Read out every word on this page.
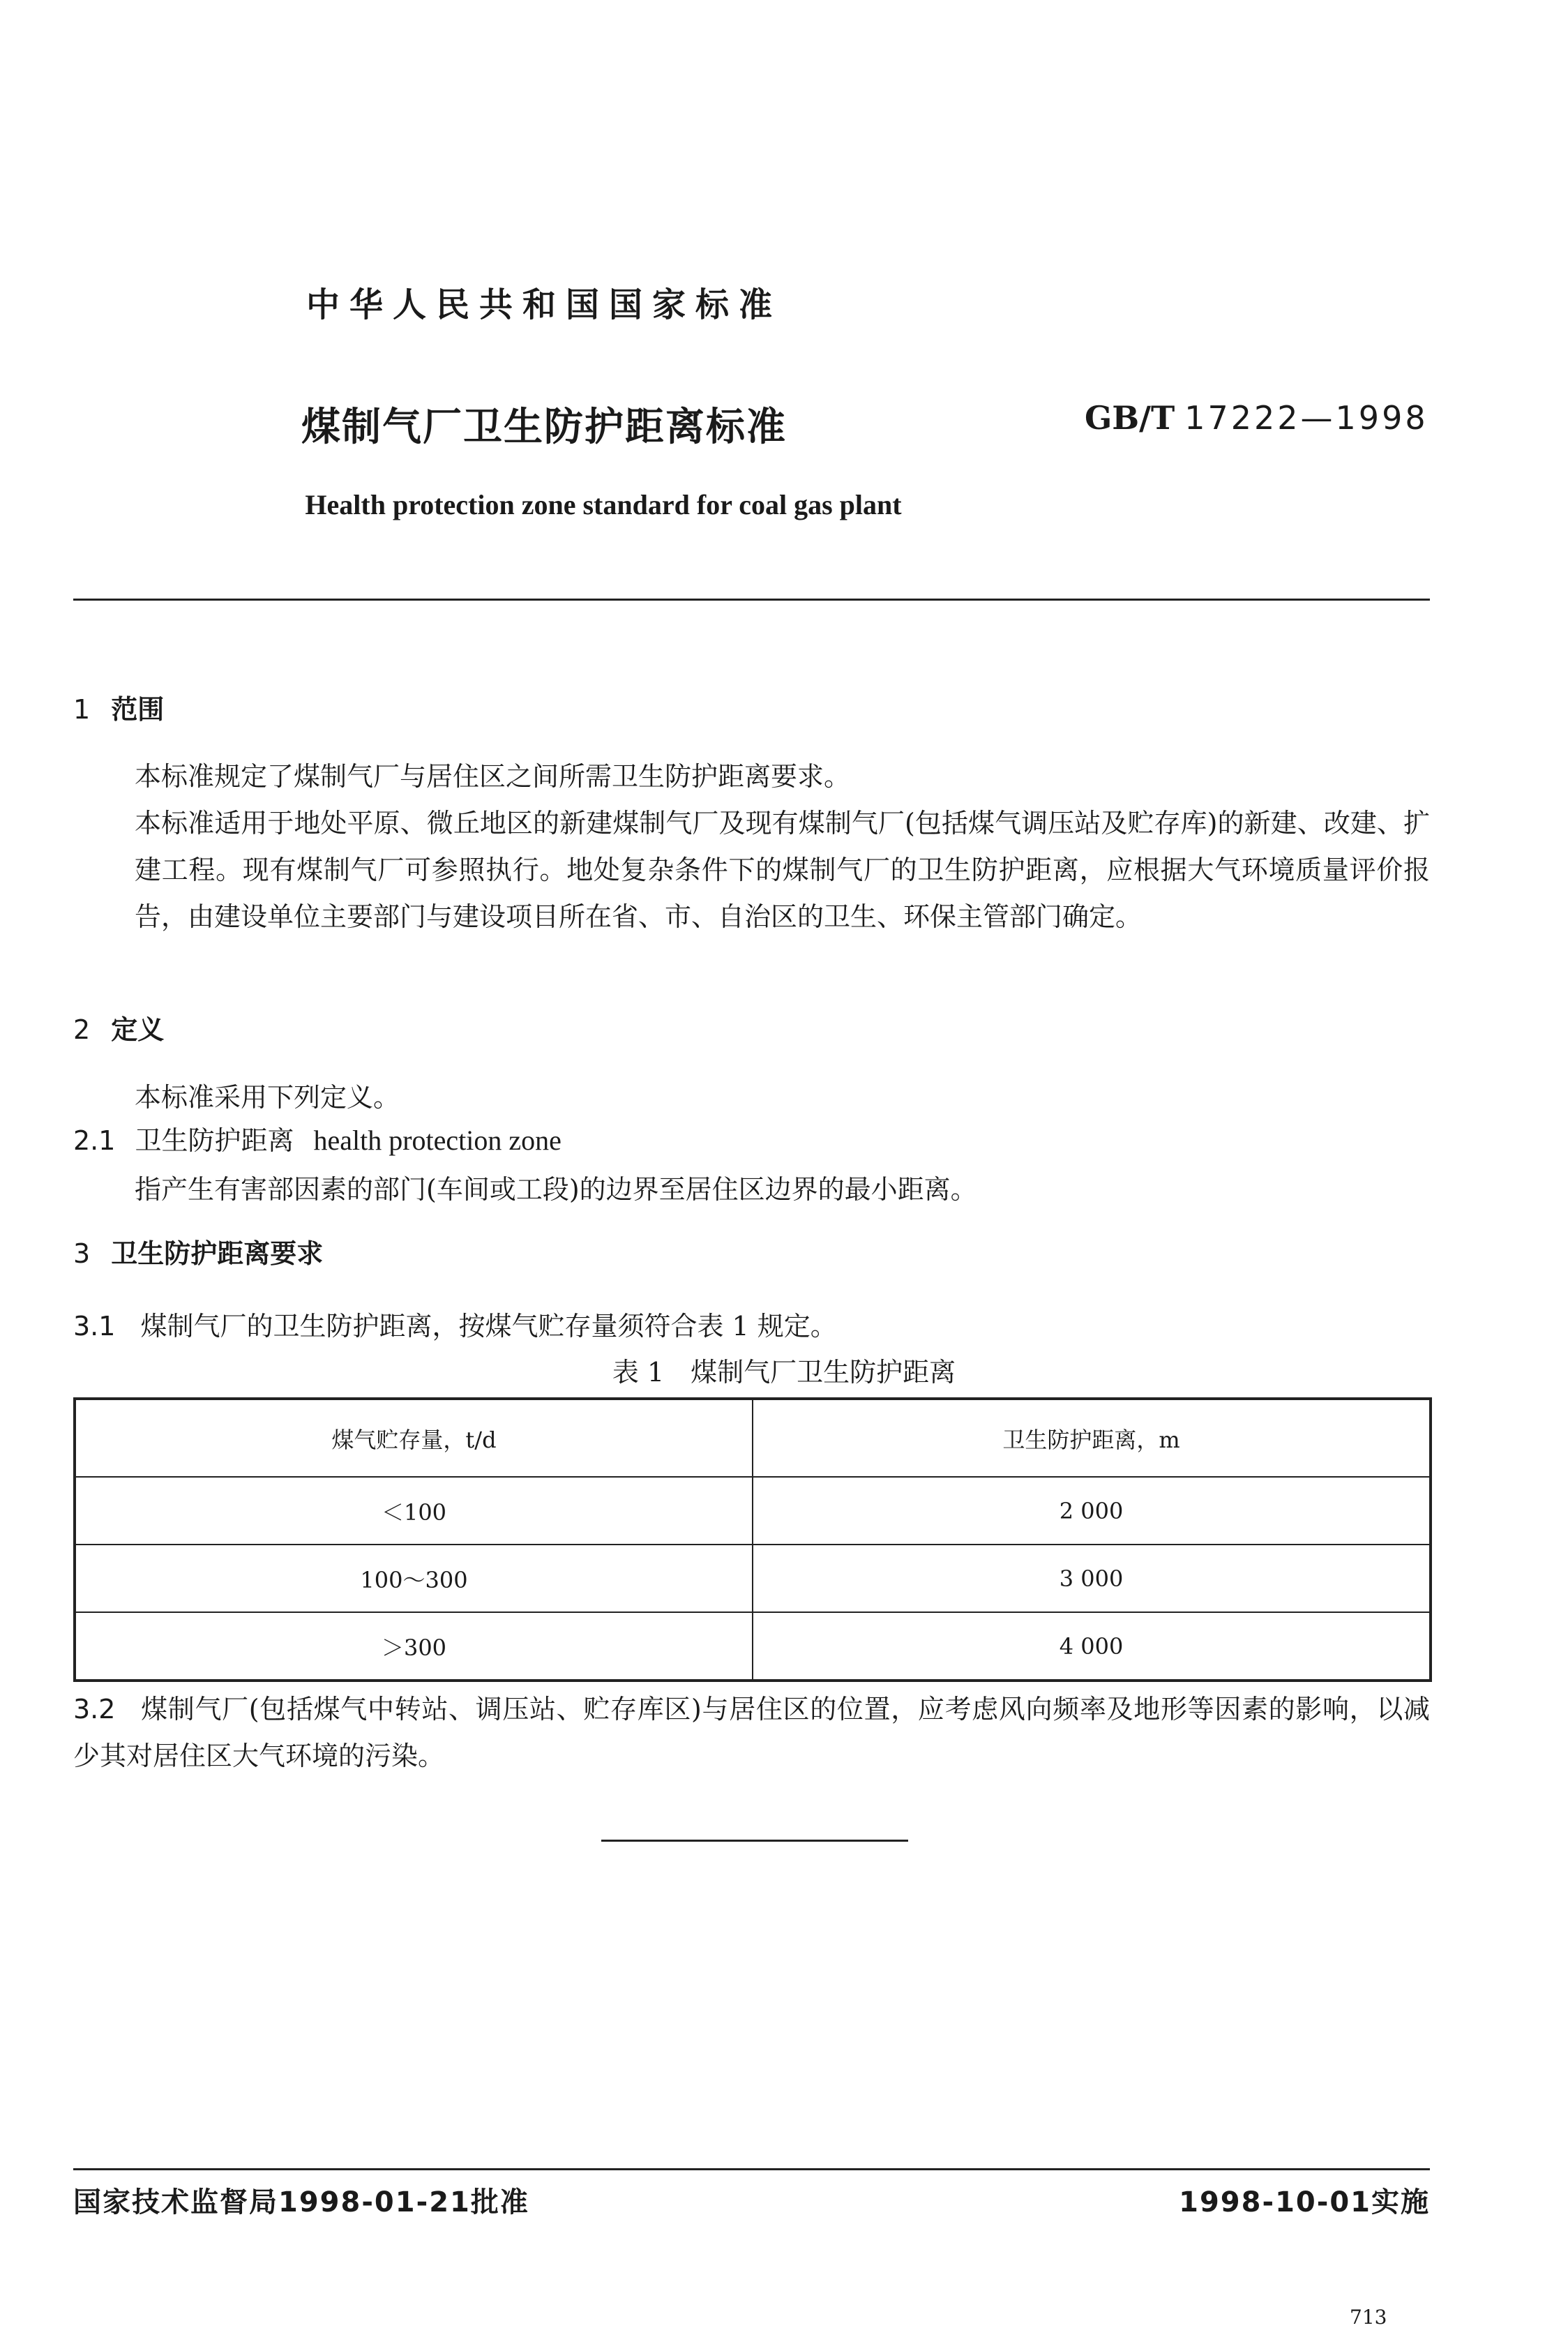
中华人民共和国国家标准
煤制气厂卫生防护距离标准	GB/T 17222—1998
Health protection zone standard for coal gas plant
1 范围
本标准规定了煤制气厂与居住区之间所需卫生防护距离要求。
本标准适用于地处平原、微丘地区的新建煤制气厂及现有煤制气厂(包括煤气调压站及贮存库)的新建、改建、扩建工程。现有煤制气厂可参照执行。地处复杂条件下的煤制气厂的卫生防护距离，应根据大气环境质量评价报告，由建设单位主要部门与建设项目所在省、市、自治区的卫生、环保主管部门确定。
2 定义
本标准采用下列定义。
2.1 卫生防护距离 health protection zone
指产生有害部因素的部门(车间或工段)的边界至居住区边界的最小距离。
3 卫生防护距离要求
3.1 煤制气厂的卫生防护距离，按煤气贮存量须符合表 1 规定。
表 1　煤制气厂卫生防护距离
煤气贮存量，t/d	卫生防护距离，m
＜100	2 000
100～300	3 000
＞300	4 000
3.2 煤制气厂(包括煤气中转站、调压站、贮存库区)与居住区的位置，应考虑风向频率及地形等因素的影响，以减少其对居住区大气环境的污染。
国家技术监督局1998-01-21批准	1998-10-01实施
713
